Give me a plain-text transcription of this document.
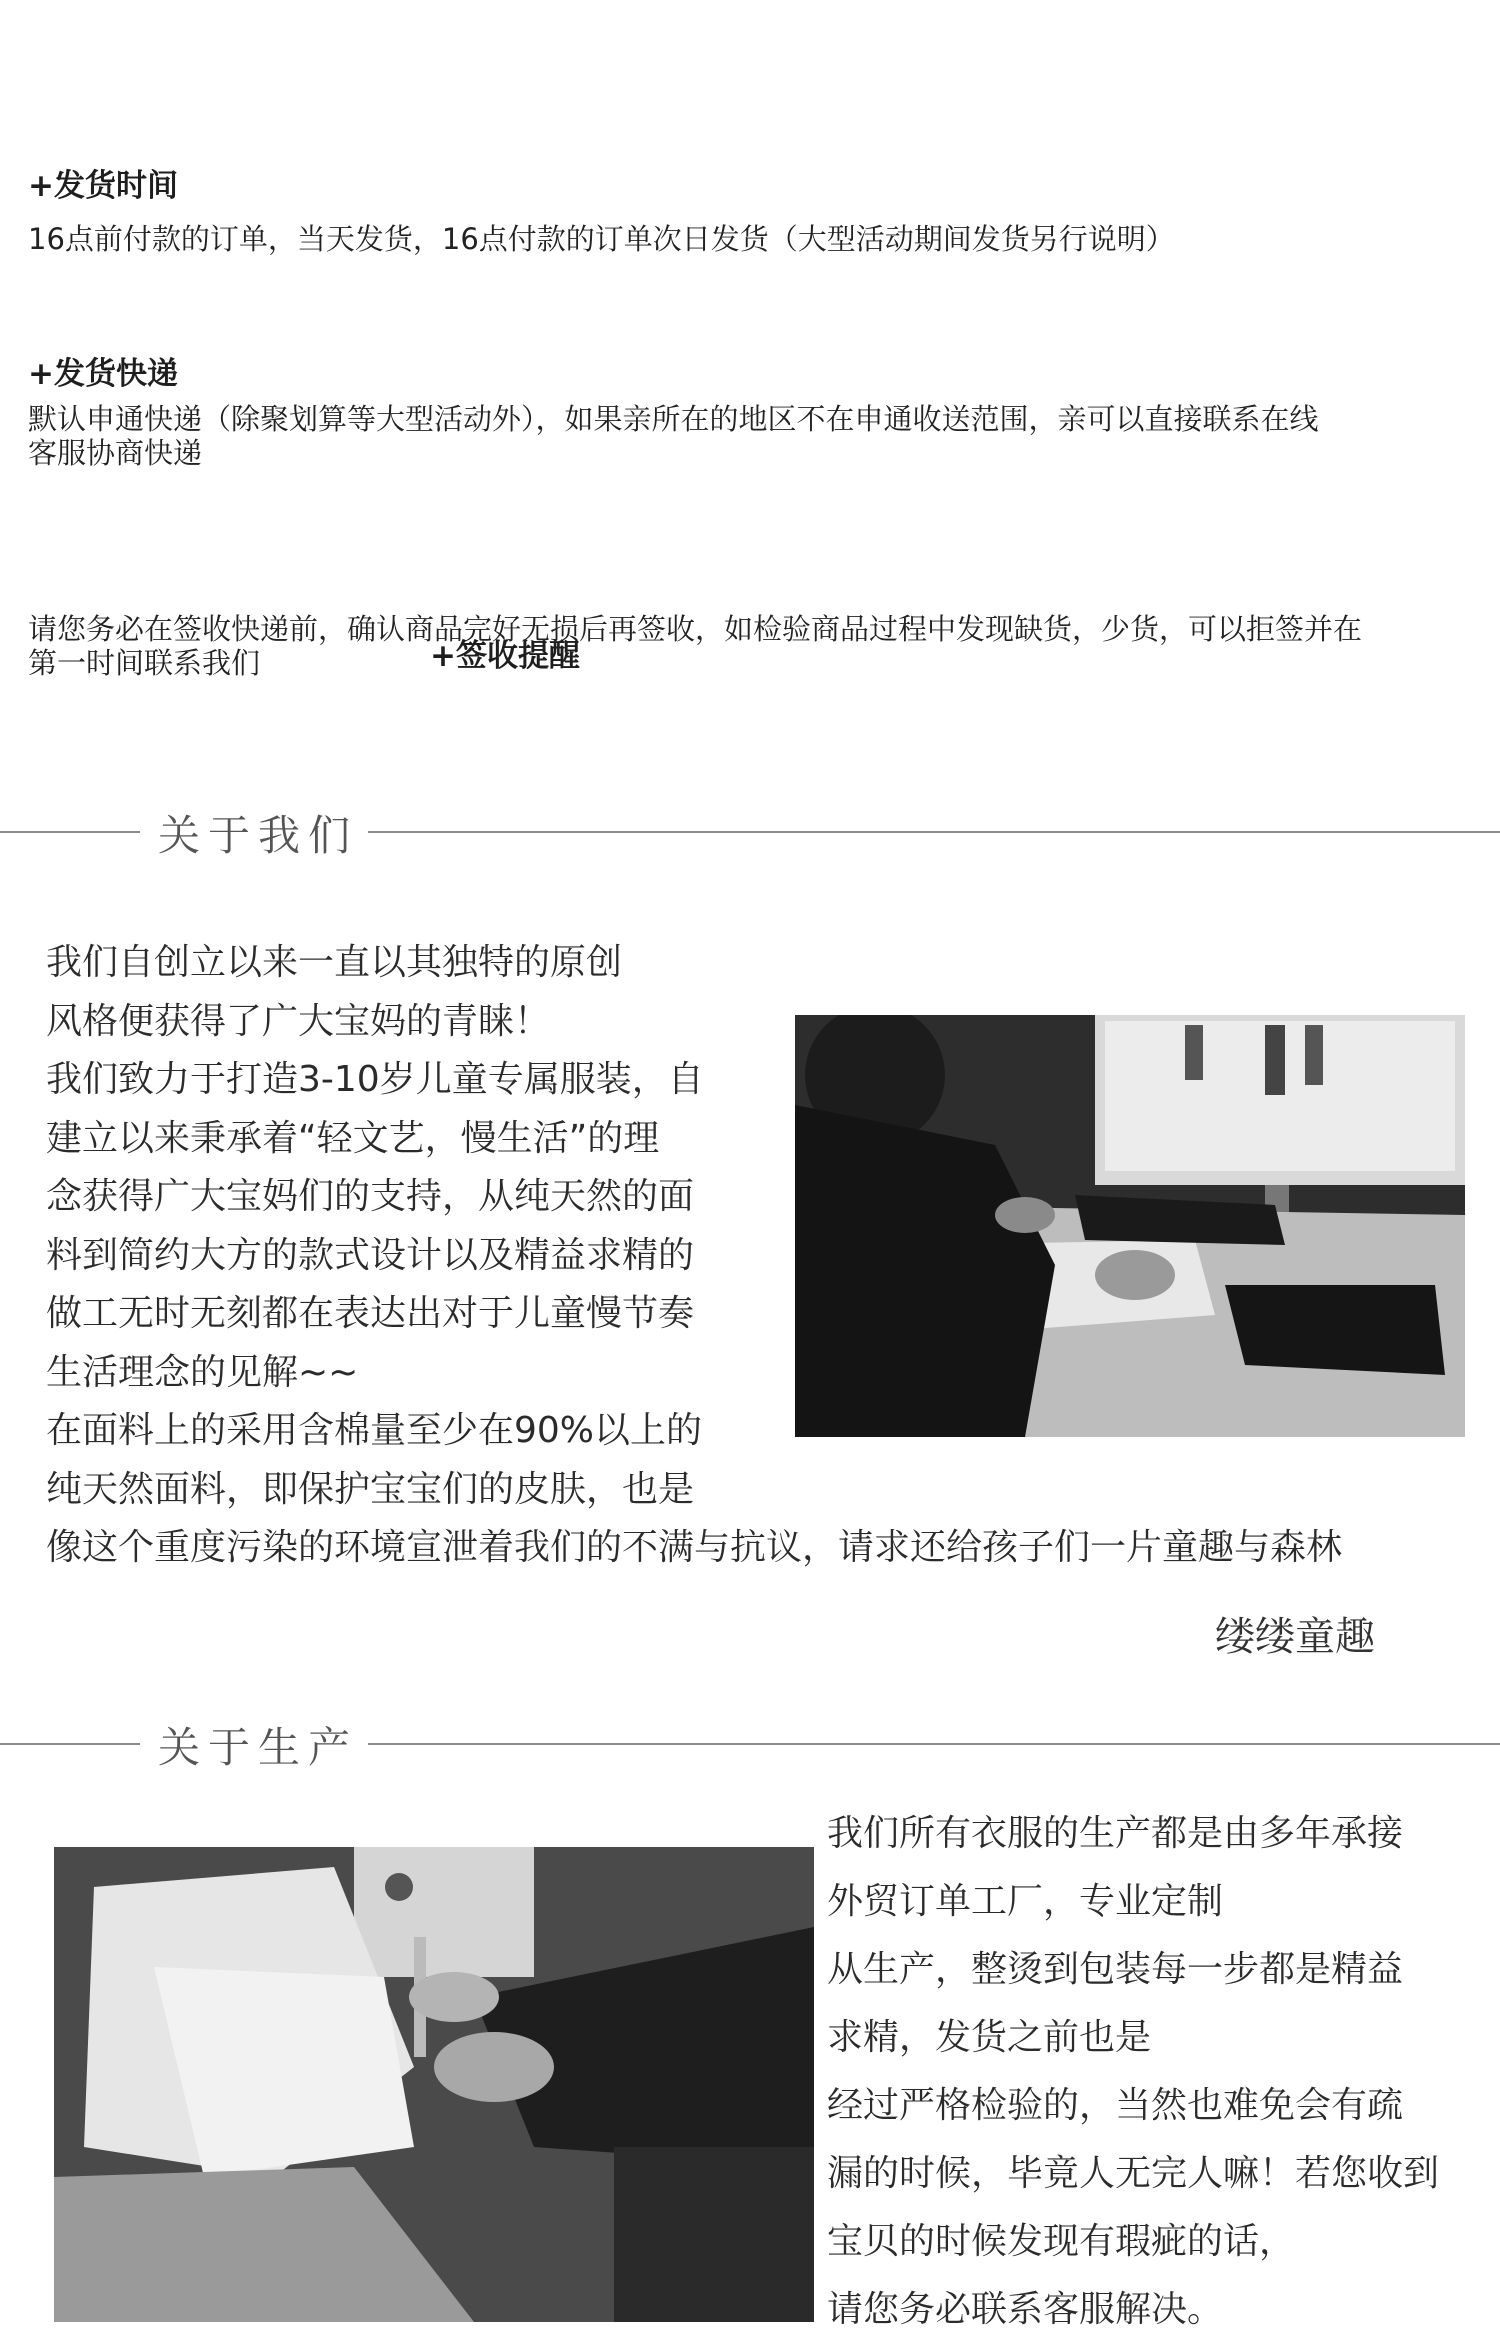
+发货时间
16点前付款的订单，当天发货，16点付款的订单次日发货（大型活动期间发货另行说明）
+发货快递
默认申通快递（除聚划算等大型活动外），如果亲所在的地区不在申通收送范围，亲可以直接联系在线
客服协商快递
请您务必在签收快递前，确认商品完好无损后再签收，如检验商品过程中发现缺货，少货，可以拒签并在
第一时间联系我们	+签收提醒
关于我们
我们自创立以来一直以其独特的原创
风格便获得了广大宝妈的青睐！
我们致力于打造3-10岁儿童专属服装，自
建立以来秉承着“轻文艺，慢生活”的理
念获得广大宝妈们的支持，从纯天然的面
料到简约大方的款式设计以及精益求精的
做工无时无刻都在表达出对于儿童慢节奏
生活理念的见解~~
在面料上的采用含棉量至少在90%以上的
纯天然面料，即保护宝宝们的皮肤，也是
像这个重度污染的环境宣泄着我们的不满与抗议，请求还给孩子们一片童趣与森林
缕缕童趣
关于生产
我们所有衣服的生产都是由多年承接
外贸订单工厂，专业定制
从生产，整烫到包装每一步都是精益
求精，发货之前也是
经过严格检验的，当然也难免会有疏
漏的时候，毕竟人无完人嘛！若您收到
宝贝的时候发现有瑕疵的话，
请您务必联系客服解决。
